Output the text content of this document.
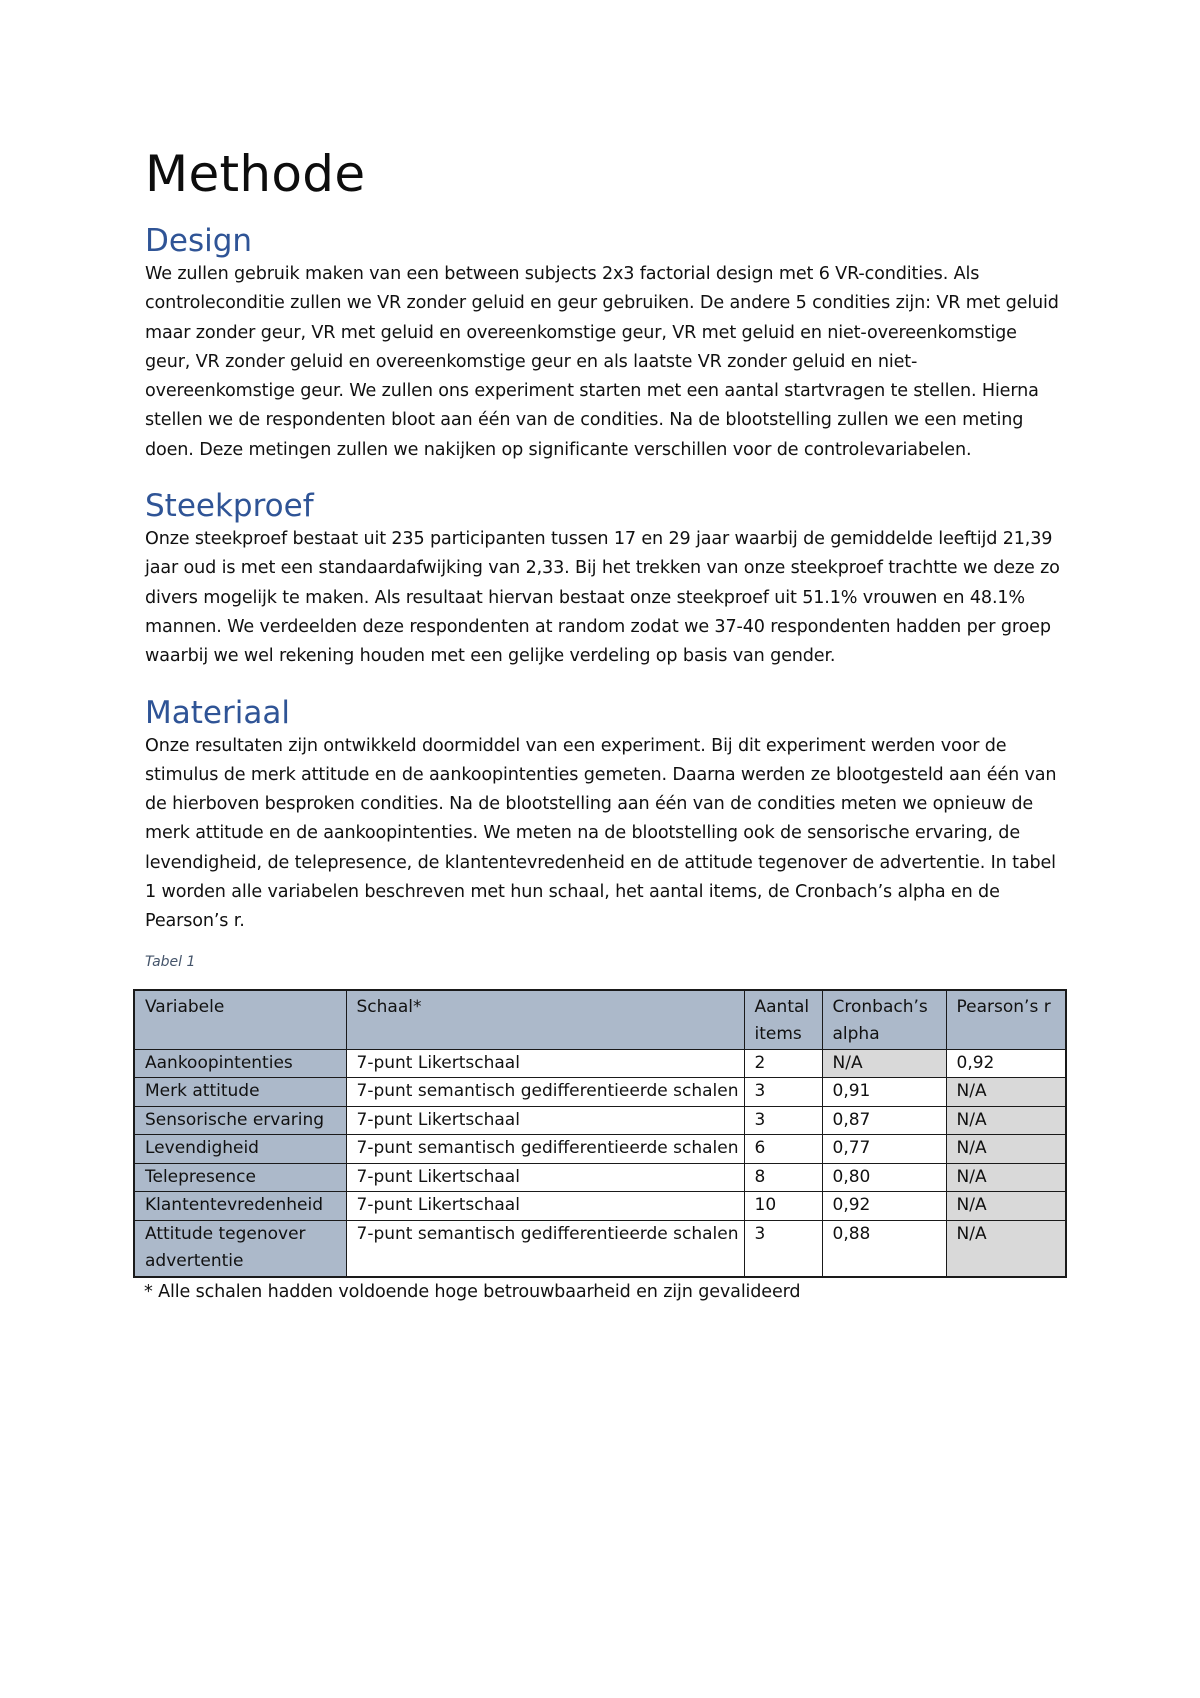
Methode
Design

We zullen gebruik maken van een between subjects 2x3 factorial design met 6 VR-condities. Als controleconditie zullen we VR zonder geluid en geur gebruiken. De andere 5 condities zijn: VR met geluid maar zonder geur, VR met geluid en overeenkomstige geur, VR met geluid en niet-overeenkomstige geur, VR zonder geluid en overeenkomstige geur en als laatste VR zonder geluid en niet-overeenkomstige geur. We zullen ons experiment starten met een aantal startvragen te stellen. Hierna stellen we de respondenten bloot aan één van de condities. Na de blootstelling zullen we een meting doen. Deze metingen zullen we nakijken op significante verschillen voor de controlevariabelen.

Steekproef

Onze steekproef bestaat uit 235 participanten tussen 17 en 29 jaar waarbij de gemiddelde leeftijd 21,39 jaar oud is met een standaardafwijking van 2,33. Bij het trekken van onze steekproef trachtte we deze zo divers mogelijk te maken. Als resultaat hiervan bestaat onze steekproef uit 51.1% vrouwen en 48.1% mannen. We verdeelden deze respondenten at random zodat we 37-40 respondenten hadden per groep waarbij we wel rekening houden met een gelijke verdeling op basis van gender.

Materiaal

Onze resultaten zijn ontwikkeld doormiddel van een experiment. Bij dit experiment werden voor de stimulus de merk attitude en de aankoopintenties gemeten. Daarna werden ze blootgesteld aan één van de hierboven besproken condities. Na de blootstelling aan één van de condities meten we opnieuw de merk attitude en de aankoopintenties. We meten na de blootstelling ook de sensorische ervaring, de levendigheid, de telepresence, de klantentevredenheid en de attitude tegenover de advertentie. In tabel 1 worden alle variabelen beschreven met hun schaal, het aantal items, de Cronbach’s alpha en de Pearson’s r.

Tabel 1

Variabele	Schaal*	Aantal items	Cronbach’s alpha	Pearson’s r
Aankoopintenties	7-punt Likertschaal	2	N/A	0,92
Merk attitude	7-punt semantisch gedifferentieerde schalen	3	0,91	N/A
Sensorische ervaring	7-punt Likertschaal	3	0,87	N/A
Levendigheid	7-punt semantisch gedifferentieerde schalen	6	0,77	N/A
Telepresence	7-punt Likertschaal	8	0,80	N/A
Klantentevredenheid	7-punt Likertschaal	10	0,92	N/A
Attitude tegenover advertentie	7-punt semantisch gedifferentieerde schalen	3	0,88	N/A

* Alle schalen hadden voldoende hoge betrouwbaarheid en zijn gevalideerd
